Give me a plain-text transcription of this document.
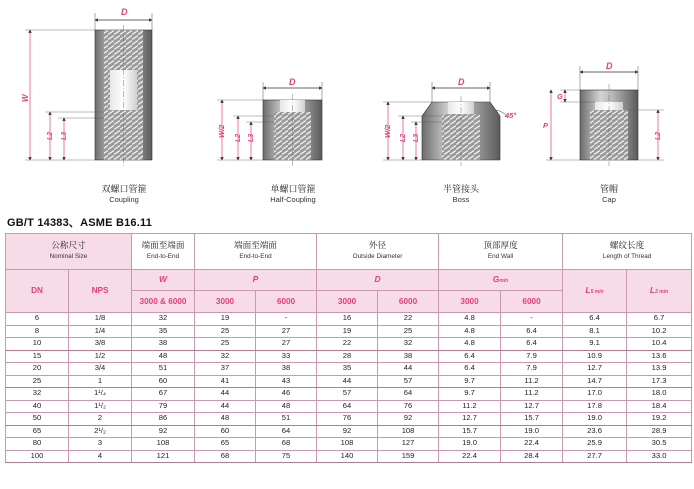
D
W
L2 L3
双螺口管箍
Coupling
D
W/2 L2 L3
单螺口管箍
Half-Coupling
D
45°
W/2 L2 L3
半管接头
Boss
D
G
P
L2
管帽
Cap
GB/T 14383、ASME B16.11
公称尺寸
Nominal Size		端面至端面
End-to-End	端面至端面
End-to-End		外径
Outside Diameter		顶部厚度
End Wall		螺纹长度
Length of Thread	

DN	NPS	W	P		D		Gmin		L5 min	L2 min
		3000 & 6000	3000	6000	3000	6000	3000	6000		
6	1/8	32	19	-	16	22	4.8	-	6.4	6.7
8	1/4	35	25	27	19	25	4.8	6.4	8.1	10.2
10	3/8	38	25	27	22	32	4.8	6.4	9.1	10.4
15	1/2	48	32	33	28	38	6.4	7.9	10.9	13.6
20	3/4	51	37	38	35	44	6.4	7.9	12.7	13.9
25	1	60	41	43	44	57	9.7	11.2	14.7	17.3
32	1¹/₄	67	44	46	57	64	9.7	11.2	17.0	18.0
40	1¹/₂	79	44	48	64	76	11.2	12.7	17.8	18.4
50	2	86	48	51	76	92	12.7	15.7	19.0	19.2
65	2¹/₂	92	60	64	92	108	15.7	19.0	23.6	28.9
80	3	108	65	68	108	127	19.0	22.4	25.9	30.5
100	4	121	68	75	140	159	22.4	28.4	27.7	33.0
